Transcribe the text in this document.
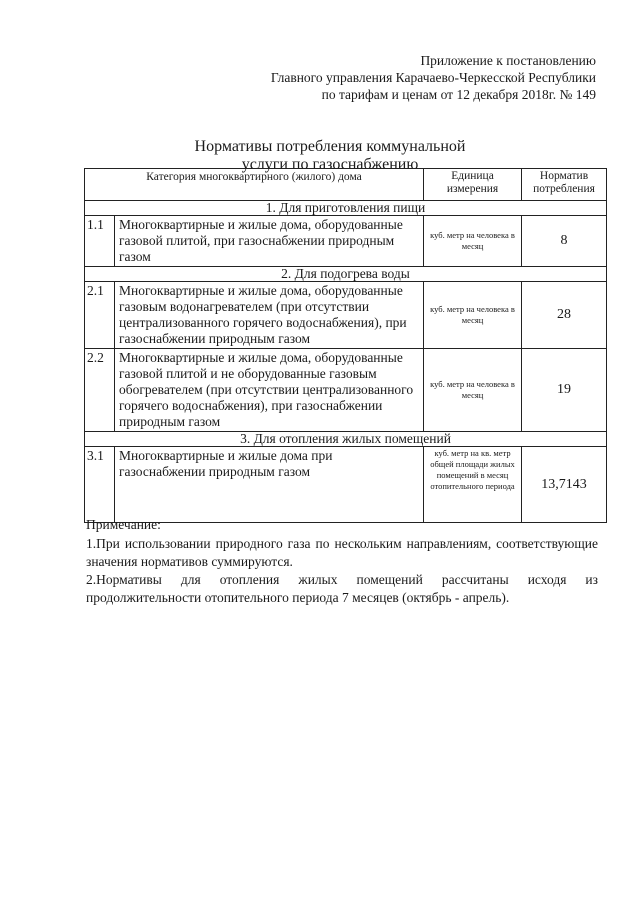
Приложение к постановлению
Главного управления Карачаево-Черкесской Республики
по тарифам и ценам от 12 декабря 2018г. № 149
Нормативы потребления коммунальной
услуги по газоснабжению
Категория многоквартирного (жилого) дома		Единица измерения	Норматив потребления
1. Для приготовления пищи			
1.1	Многоквартирные и жилые дома, оборудованные газовой плитой, при газоснабжении природным газом	куб. метр на человека в месяц	8
2. Для подогрева воды			
2.1	Многоквартирные и жилые дома, оборудованные газовым водонагревателем (при отсутствии централизованного горячего водоснабжения), при газоснабжении природным газом	куб. метр на человека в месяц	28
2.2	Многоквартирные и жилые дома, оборудованные газовой плитой и не оборудованные газовым обогревателем (при отсутствии централизованного горячего водоснабжения), при газоснабжении природным газом	куб. метр на человека в месяц	19
3. Для отопления жилых помещений			
3.1	Многоквартирные и жилые дома при газоснабжении природным газом	куб. метр на кв. метр общей площади жилых помещений в месяц отопительного периода	13,7143

Примечание:

1.При использовании природного газа по нескольким направлениям, соответствующие значения нормативов суммируются.

2.Нормативы для отопления жилых помещений рассчитаны исходя из продолжительности отопительного периода 7 месяцев (октябрь - апрель).
